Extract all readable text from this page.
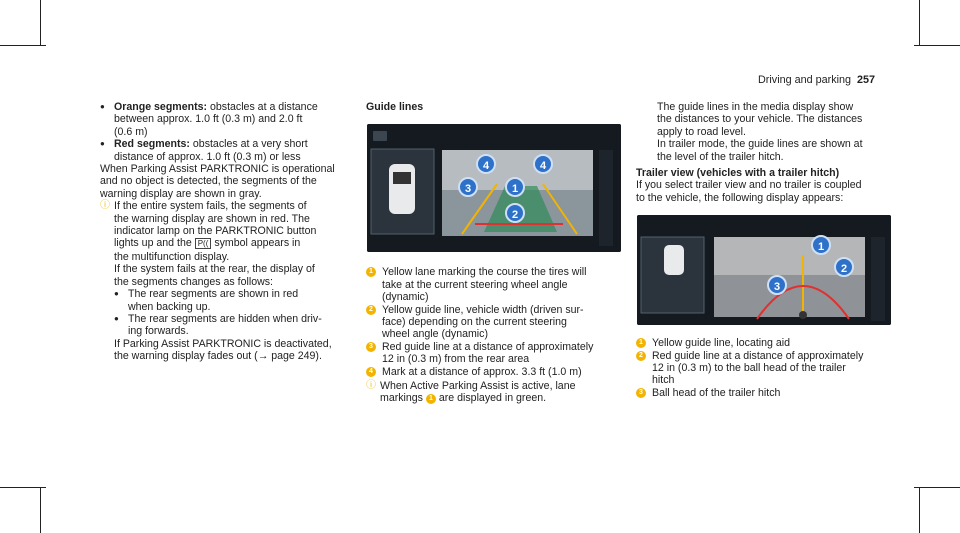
Driving and parking 257
● Orange segments: obstacles at a distance

between approx. 1.0 ft (0.3 m) and 2.0 ft

(0.6 m)

● Red segments: obstacles at a very short

distance of approx. 1.0 ft (0.3 m) or less

When Parking Assist PARKTRONIC is operational

and no object is detected, the segments of the

warning display are shown in gray.

ⓘ If the entire system fails, the segments of

the warning display are shown in red. The

indicator lamp on the PARKTRONIC button

lights up and the P(( symbol appears in

the multifunction display.

If the system fails at the rear, the display of

the segments changes as follows:

● The rear segments are shown in red

when backing up.

● The rear segments are hidden when driv-

ing forwards.

If Parking Assist PARKTRONIC is deactivated,

the warning display fades out (→ page 249).

Guide lines

4	4
3	1
2
1 Yellow lane marking the course the tires will

take at the current steering wheel angle

(dynamic)

2 Yellow guide line, vehicle width (driven sur-

face) depending on the current steering

wheel angle (dynamic)

3 Red guide line at a distance of approximately

12 in (0.3 m) from the rear area

4 Mark at a distance of approx. 3.3 ft (1.0 m)

ⓘ When Active Parking Assist is active, lane

markings 1 are displayed in green.

The guide lines in the media display show

the distances to your vehicle. The distances

apply to road level.

In trailer mode, the guide lines are shown at

the level of the trailer hitch.

Trailer view (vehicles with a trailer hitch)

If you select trailer view and no trailer is coupled

to the vehicle, the following display appears:

1
2
3
1 Yellow guide line, locating aid

2 Red guide line at a distance of approximately

12 in (0.3 m) to the ball head of the trailer

hitch

3 Ball head of the trailer hitch
